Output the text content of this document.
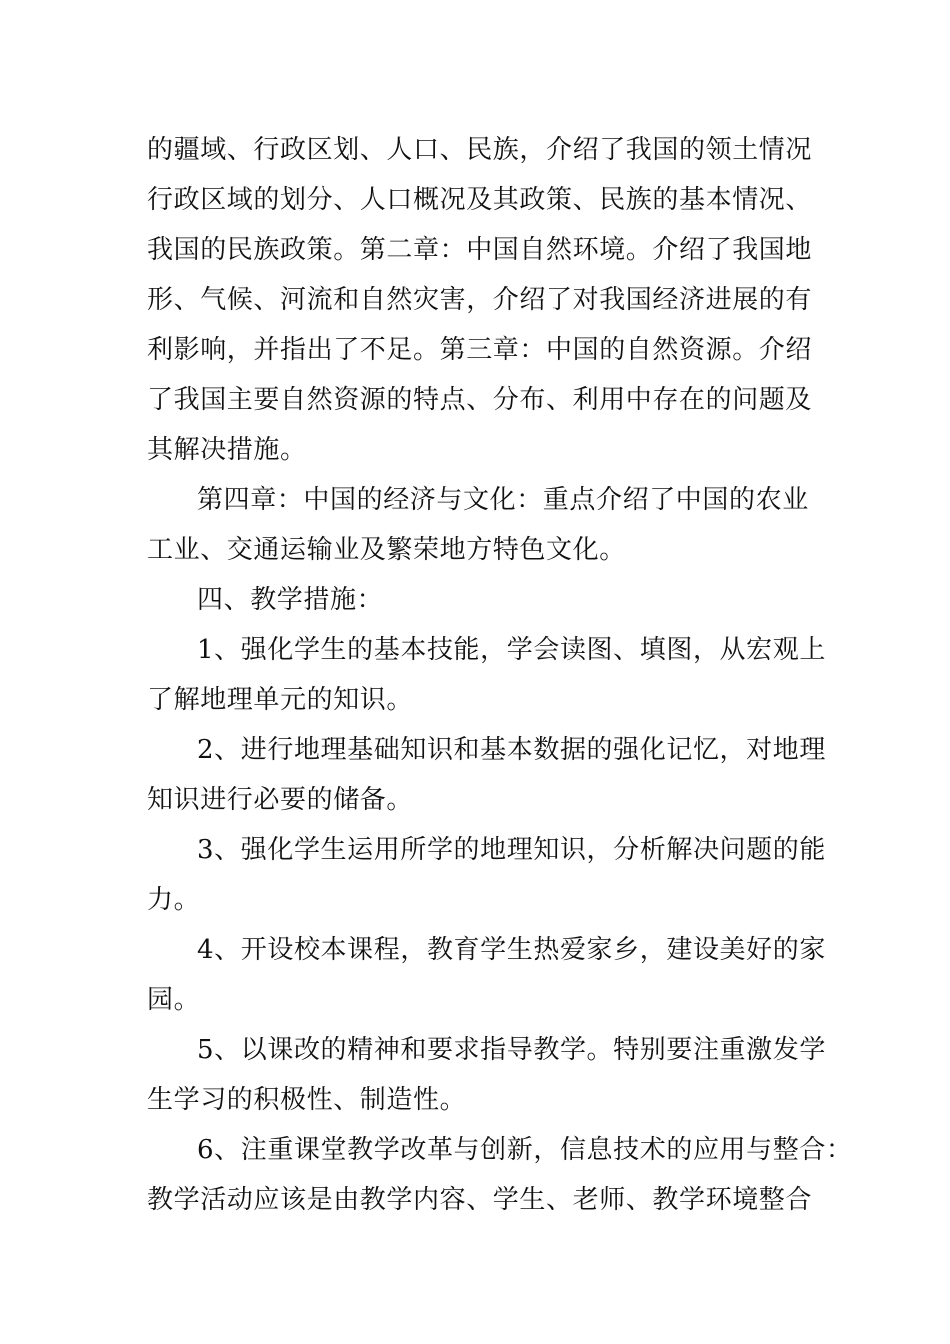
的疆域、行政区划、人口、民族，介绍了我国的领土情况
行政区域的划分、人口概况及其政策、民族的基本情况、
我国的民族政策。第二章：中国自然环境。介绍了我国地
形、气候、河流和自然灾害，介绍了对我国经济进展的有
利影响，并指出了不足。第三章：中国的自然资源。介绍
了我国主要自然资源的特点、分布、利用中存在的问题及
其解决措施。
第四章：中国的经济与文化：重点介绍了中国的农业
工业、交通运输业及繁荣地方特色文化。
四、教学措施：
1、强化学生的基本技能，学会读图、填图，从宏观上
了解地理单元的知识。
2、进行地理基础知识和基本数据的强化记忆，对地理
知识进行必要的储备。
3、强化学生运用所学的地理知识，分析解决问题的能
力。
4、开设校本课程，教育学生热爱家乡，建设美好的家
园。
5、以课改的精神和要求指导教学。特别要注重激发学
生学习的积极性、制造性。
6、注重课堂教学改革与创新，信息技术的应用与整合：
教学活动应该是由教学内容、学生、老师、教学环境整合
